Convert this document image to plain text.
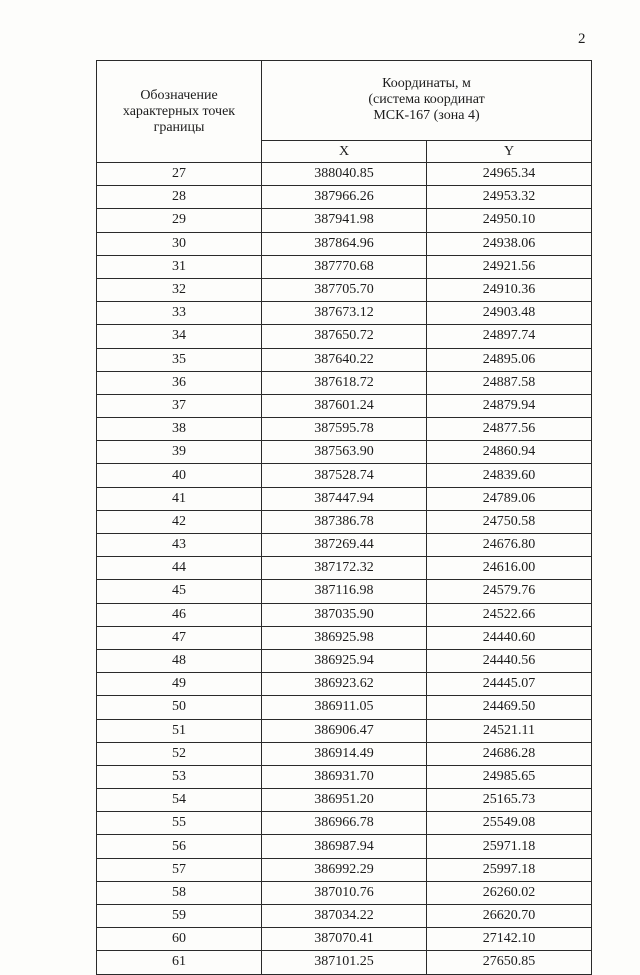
2
Обозначение
характерных точек
границы	Координаты, м
(система координат
МСК-167 (зона 4)	

	X	Y
27	388040.85	24965.34
28	387966.26	24953.32
29	387941.98	24950.10
30	387864.96	24938.06
31	387770.68	24921.56
32	387705.70	24910.36
33	387673.12	24903.48
34	387650.72	24897.74
35	387640.22	24895.06
36	387618.72	24887.58
37	387601.24	24879.94
38	387595.78	24877.56
39	387563.90	24860.94
40	387528.74	24839.60
41	387447.94	24789.06
42	387386.78	24750.58
43	387269.44	24676.80
44	387172.32	24616.00
45	387116.98	24579.76
46	387035.90	24522.66
47	386925.98	24440.60
48	386925.94	24440.56
49	386923.62	24445.07
50	386911.05	24469.50
51	386906.47	24521.11
52	386914.49	24686.28
53	386931.70	24985.65
54	386951.20	25165.73
55	386966.78	25549.08
56	386987.94	25971.18
57	386992.29	25997.18
58	387010.76	26260.02
59	387034.22	26620.70
60	387070.41	27142.10
61	387101.25	27650.85
